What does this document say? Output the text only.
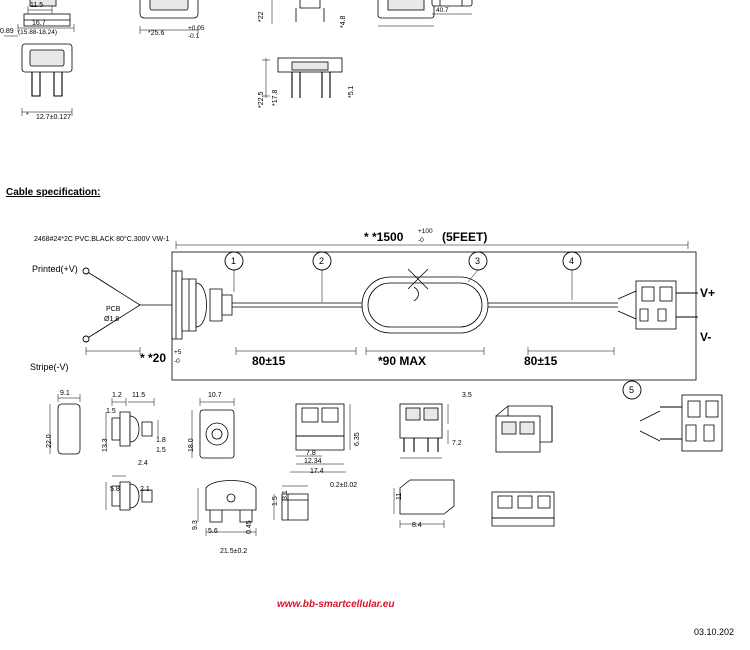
11.5
16.7
(15.88-18.24)
0.89	*25.6
+0.05
-0.1
12.7±0.127
*
*22	*4.8
*22.5 *17.8	*5.1
40.7
Cable specification:
2468#24*2C PVC.BLACK 80°C.300V VW-1	*1500
*	+100
-0 (5FEET)
Printed(+V)
PCB
Ø1.8
Stripe(-V)
* *20 +5
-0	80±15	*90 MAX	80±15
V+
V-
1	2	3	4
5
9.1
22.0
1.2 11.5
1.5
13.3	1.8
1.5
2.4
5.8	2.1
10.7
18.0
7.8
12.34
17.4
6.35
3.5
7.2
9.3
5.6
21.5±0.2
0.45
3.1
1.5
0.2±0.02
11
8.4
www.bb-smartcellular.eu
03.10.202
